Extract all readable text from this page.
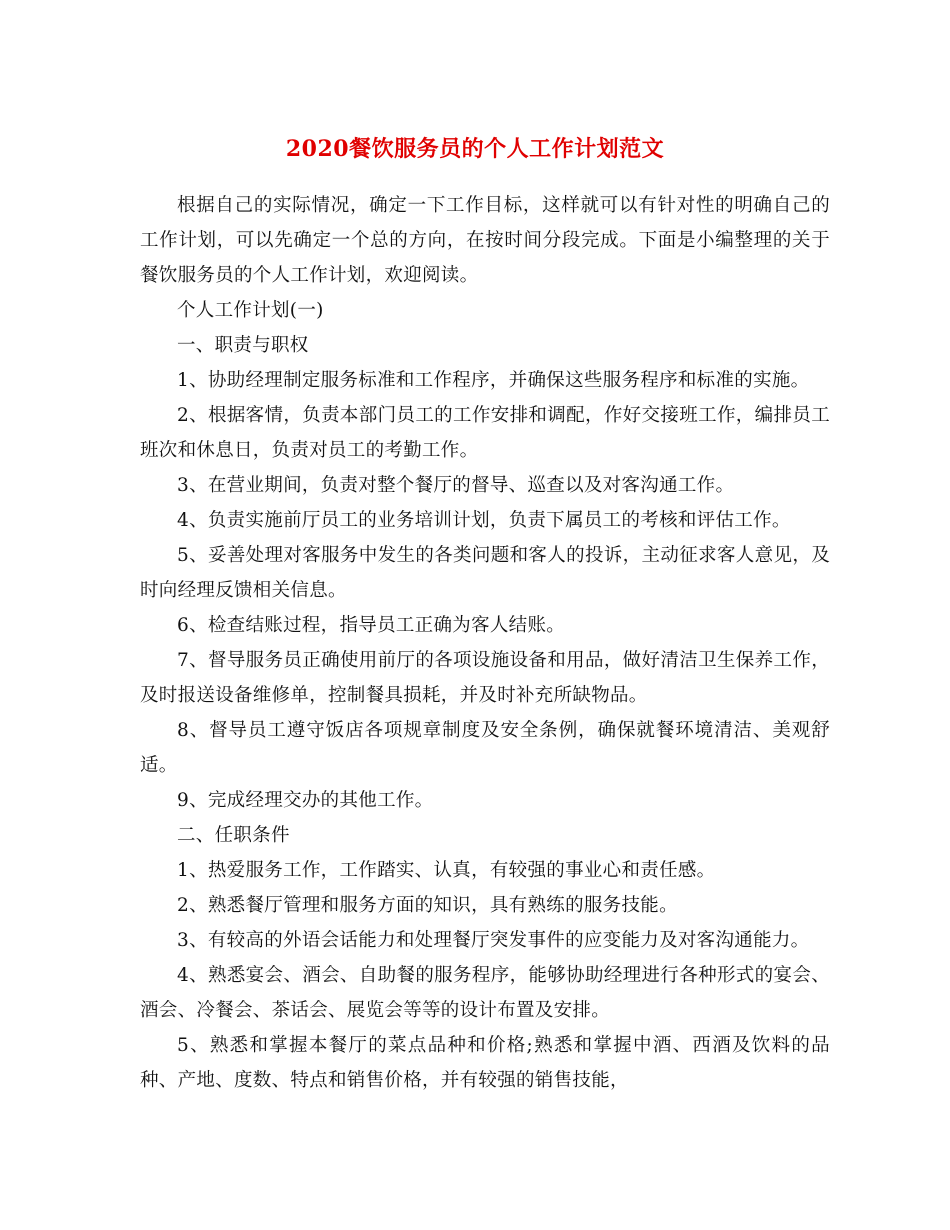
2020餐饮服务员的个人工作计划范文

根据自己的实际情况，确定一下工作目标，这样就可以有针对性的明确自己的工作计划，可以先确定一个总的方向，在按时间分段完成。下面是小编整理的关于餐饮服务员的个人工作计划，欢迎阅读。

个人工作计划(一)

一、职责与职权

1、协助经理制定服务标准和工作程序，并确保这些服务程序和标准的实施。

2、根据客情，负责本部门员工的工作安排和调配，作好交接班工作，编排员工班次和休息日，负责对员工的考勤工作。

3、在营业期间，负责对整个餐厅的督导、巡查以及对客沟通工作。

4、负责实施前厅员工的业务培训计划，负责下属员工的考核和评估工作。

5、妥善处理对客服务中发生的各类问题和客人的投诉，主动征求客人意见，及时向经理反馈相关信息。

6、检查结账过程，指导员工正确为客人结账。

7、督导服务员正确使用前厅的各项设施设备和用品，做好清洁卫生保养工作，及时报送设备维修单，控制餐具损耗，并及时补充所缺物品。

8、督导员工遵守饭店各项规章制度及安全条例，确保就餐环境清洁、美观舒适。

9、完成经理交办的其他工作。

二、任职条件

1、热爱服务工作，工作踏实、认真，有较强的事业心和责任感。

2、熟悉餐厅管理和服务方面的知识，具有熟练的服务技能。

3、有较高的外语会话能力和处理餐厅突发事件的应变能力及对客沟通能力。

4、熟悉宴会、酒会、自助餐的服务程序，能够协助经理进行各种形式的宴会、酒会、冷餐会、茶话会、展览会等等的设计布置及安排。

5、熟悉和掌握本餐厅的菜点品种和价格;熟悉和掌握中酒、西酒及饮料的品种、产地、度数、特点和销售价格，并有较强的销售技能，
